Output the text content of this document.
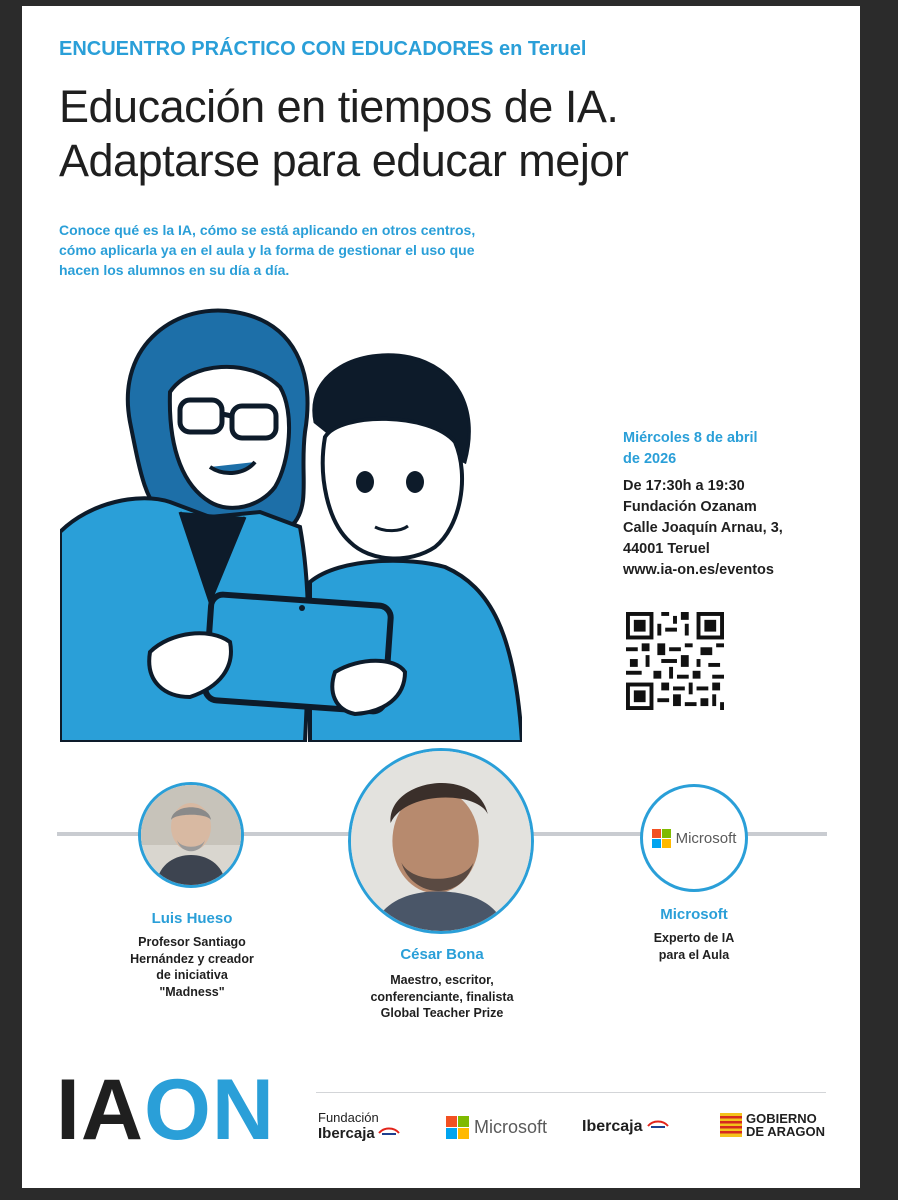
ENCUENTRO PRÁCTICO CON EDUCADORES en Teruel
Educación en tiempos de IA.
Adaptarse para educar mejor
Conoce qué es la IA, cómo se está aplicando en otros centros,
cómo aplicarla ya en el aula y la forma de gestionar el uso que
hacen los alumnos en su día a día.
Miércoles 8 de abril
de 2026
De 17:30h a 19:30
Fundación Ozanam
Calle Joaquín Arnau, 3,
44001 Teruel
www.ia-on.es/eventos
Microsoft
Luis Hueso
Profesor Santiago
Hernández y creador
de iniciativa
"Madness"
César Bona
Maestro, escritor,
conferenciante, finalista
Global Teacher Prize
Microsoft
Experto de IA
para el Aula
IA ON	Fundación
Ibercaja	Microsoft Ibercaja	GOBIERNO
DE ARAGON
